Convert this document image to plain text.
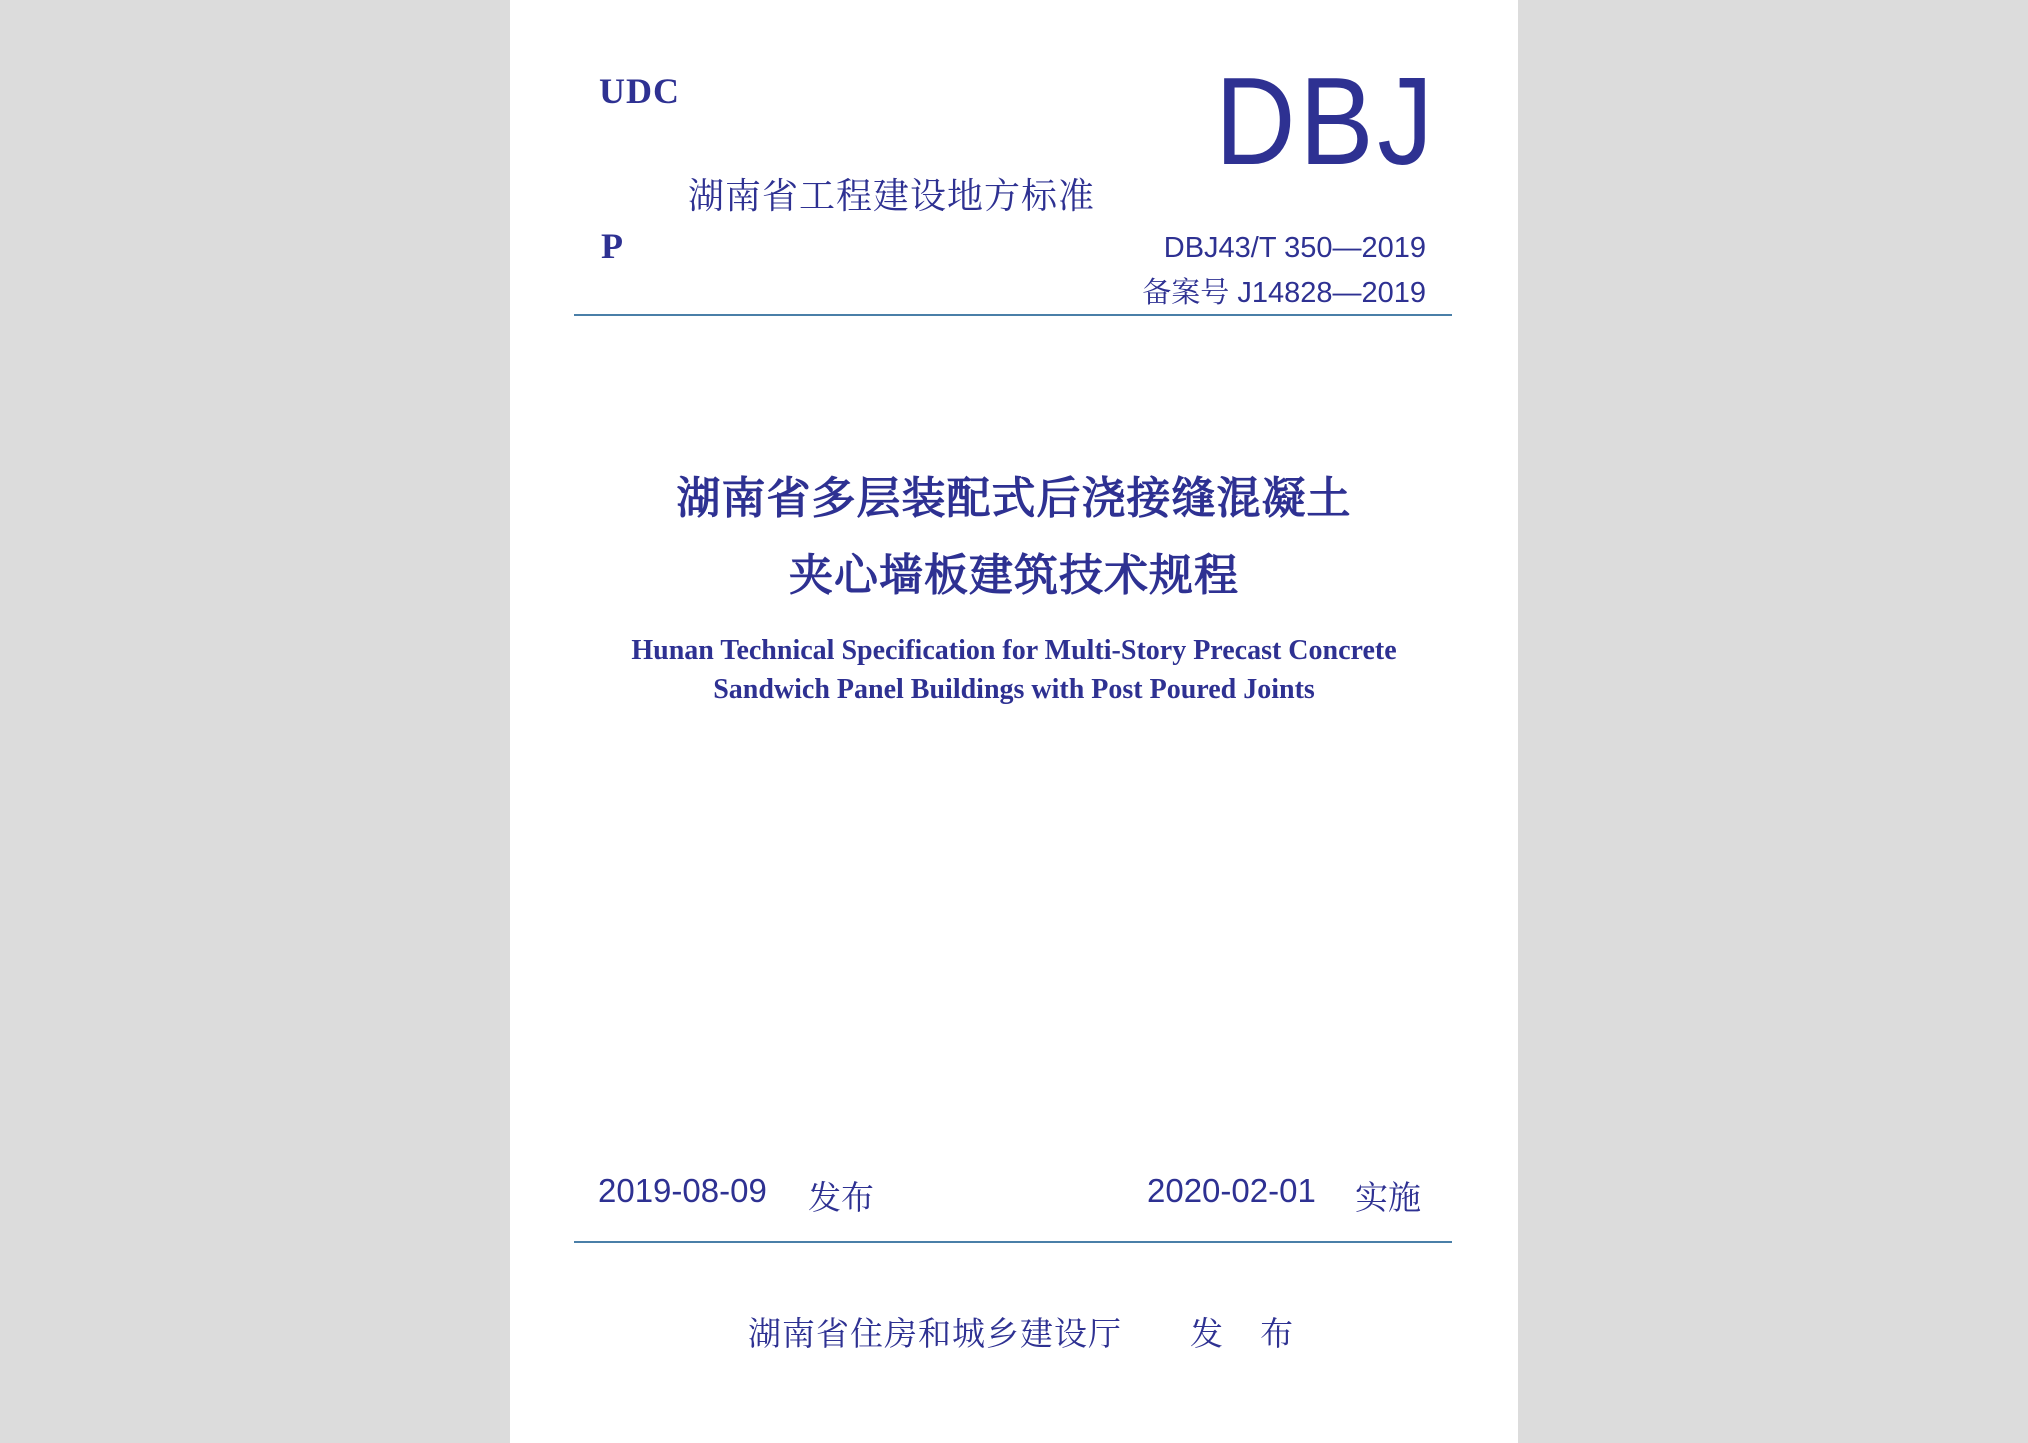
UDC	DBJ
湖南省工程建设地方标准
P	DBJ43/T 350—2019
备案号 J14828—2019
湖南省多层装配式后浇接缝混凝土
夹心墙板建筑技术规程
Hunan Technical Specification for Multi-Story Precast Concrete
Sandwich Panel Buildings with Post Poured Joints
2019-08-09 发布	2020-02-01 实施
湖南省住房和城乡建设厅 发 布
